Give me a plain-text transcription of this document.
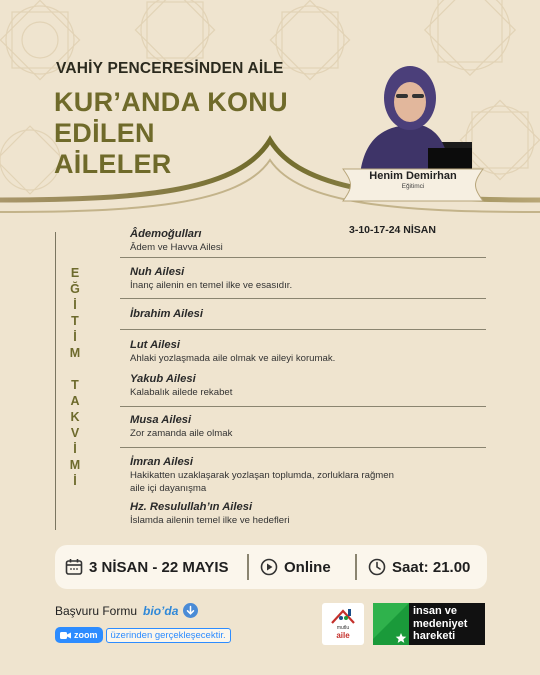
VAHİY PENCERESİNDEN AİLE
KUR’ANDA KONU EDİLEN
AİLELER	Henim Demirhan
Eğitimci
3-10-17-24 NİSAN
E
Ğ
İ
T
İ
M
T
A
K
V
İ
M
İ
Âdemoğulları
Âdem ve Havva Ailesi
Nuh Ailesi
İnanç ailenin en temel ilke ve esasıdır.
İbrahim Ailesi
Lut Ailesi
Ahlaki yozlaşmada aile olmak ve aileyi korumak.
Yakub Ailesi
Kalabalık ailede rekabet
Musa Ailesi
Zor zamanda aile olmak
İmran Ailesi
Hakikatten uzaklaşarak yozlaşan toplumda, zorluklara rağmen
aile içi dayanışma
Hz. Resulullah’ın Ailesi
İslamda ailenin temel ilke ve hedefleri
3 NİSAN - 22 MAYIS	Online	Saat: 21.00
Başvuru Formu bio’da
zoom	üzerinden gerçekleşecektir.
mutlu
aile
insan ve
medeniyet
hareketi
